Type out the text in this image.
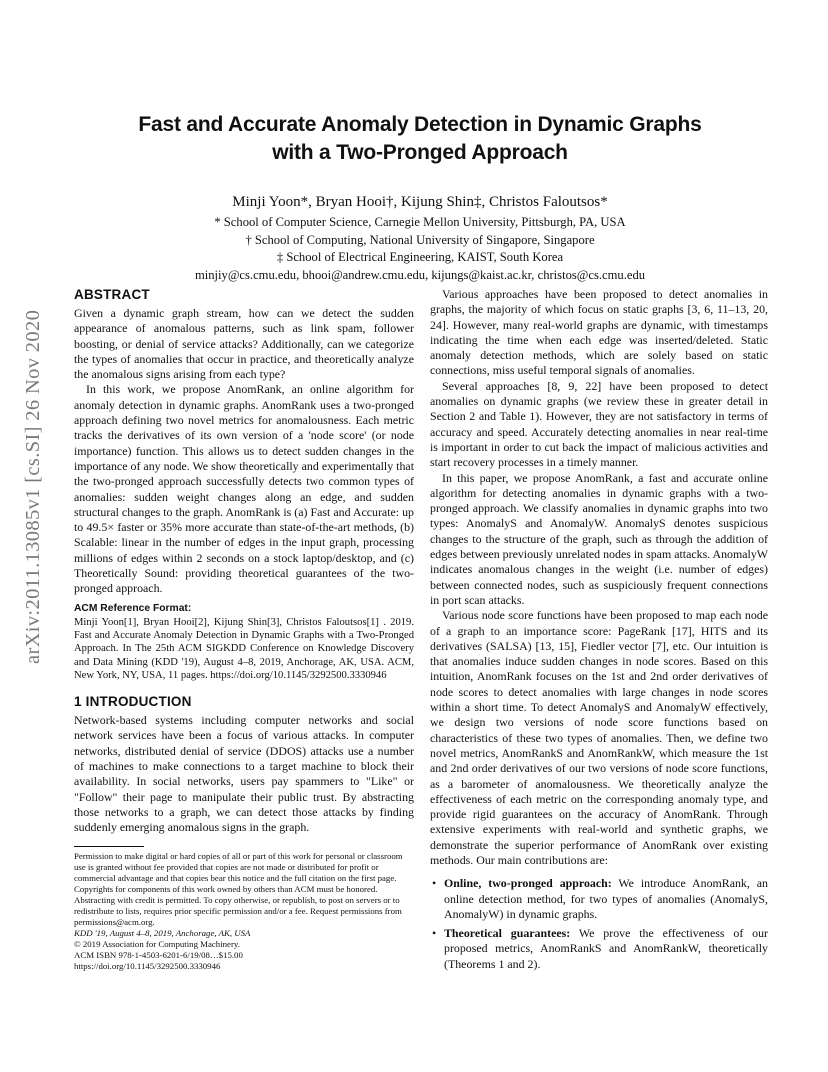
arXiv:2011.13085v1 [cs.SI] 26 Nov 2020
Fast and Accurate Anomaly Detection in Dynamic Graphs
with a Two-Pronged Approach
Minji Yoon*, Bryan Hooi†, Kijung Shin‡, Christos Faloutsos*
* School of Computer Science, Carnegie Mellon University, Pittsburgh, PA, USA
† School of Computing, National University of Singapore, Singapore
‡ School of Electrical Engineering, KAIST, South Korea
minjiy@cs.cmu.edu, bhooi@andrew.cmu.edu, kijungs@kaist.ac.kr, christos@cs.cmu.edu
ABSTRACT

Given a dynamic graph stream, how can we detect the sudden appearance of anomalous patterns, such as link spam, follower boosting, or denial of service attacks? Additionally, can we categorize the types of anomalies that occur in practice, and theoretically analyze the anomalous signs arising from each type?

In this work, we propose AnomRank, an online algorithm for anomaly detection in dynamic graphs. AnomRank uses a two-pronged approach defining two novel metrics for anomalousness. Each metric tracks the derivatives of its own version of a 'node score' (or node importance) function. This allows us to detect sudden changes in the importance of any node. We show theoretically and experimentally that the two-pronged approach successfully detects two common types of anomalies: sudden weight changes along an edge, and sudden structural changes to the graph. AnomRank is (a) Fast and Accurate: up to 49.5× faster or 35% more accurate than state-of-the-art methods, (b) Scalable: linear in the number of edges in the input graph, processing millions of edges within 2 seconds on a stock laptop/desktop, and (c) Theoretically Sound: providing theoretical guarantees of the two-pronged approach.

ACM Reference Format:

Minji Yoon[1], Bryan Hooi[2], Kijung Shin[3], Christos Faloutsos[1] . 2019. Fast and Accurate Anomaly Detection in Dynamic Graphs with a Two-Pronged Approach. In The 25th ACM SIGKDD Conference on Knowledge Discovery and Data Mining (KDD '19), August 4–8, 2019, Anchorage, AK, USA. ACM, New York, NY, USA, 11 pages. https://doi.org/10.1145/3292500.3330946

1 INTRODUCTION

Network-based systems including computer networks and social network services have been a focus of various attacks. In computer networks, distributed denial of service (DDOS) attacks use a number of machines to make connections to a target machine to block their availability. In social networks, users pay spammers to "Like" or "Follow" their page to manipulate their public trust. By abstracting those networks to a graph, we can detect those attacks by finding suddenly emerging anomalous signs in the graph.

Permission to make digital or hard copies of all or part of this work for personal or classroom use is granted without fee provided that copies are not made or distributed for profit or commercial advantage and that copies bear this notice and the full citation on the first page. Copyrights for components of this work owned by others than ACM must be honored. Abstracting with credit is permitted. To copy otherwise, or republish, to post on servers or to redistribute to lists, requires prior specific permission and/or a fee. Request permissions from permissions@acm.org.

KDD '19, August 4–8, 2019, Anchorage, AK, USA

© 2019 Association for Computing Machinery.

ACM ISBN 978-1-4503-6201-6/19/08…$15.00

https://doi.org/10.1145/3292500.3330946

Various approaches have been proposed to detect anomalies in graphs, the majority of which focus on static graphs [3, 6, 11–13, 20, 24]. However, many real-world graphs are dynamic, with timestamps indicating the time when each edge was inserted/deleted. Static anomaly detection methods, which are solely based on static connections, miss useful temporal signals of anomalies.

Several approaches [8, 9, 22] have been proposed to detect anomalies on dynamic graphs (we review these in greater detail in Section 2 and Table 1). However, they are not satisfactory in terms of accuracy and speed. Accurately detecting anomalies in near real-time is important in order to cut back the impact of malicious activities and start recovery processes in a timely manner.

In this paper, we propose AnomRank, a fast and accurate online algorithm for detecting anomalies in dynamic graphs with a two-pronged approach. We classify anomalies in dynamic graphs into two types: AnomalyS and AnomalyW. AnomalyS denotes suspicious changes to the structure of the graph, such as through the addition of edges between previously unrelated nodes in spam attacks. AnomalyW indicates anomalous changes in the weight (i.e. number of edges) between connected nodes, such as suspiciously frequent connections in port scan attacks.

Various node score functions have been proposed to map each node of a graph to an importance score: PageRank [17], HITS and its derivatives (SALSA) [13, 15], Fiedler vector [7], etc. Our intuition is that anomalies induce sudden changes in node scores. Based on this intuition, AnomRank focuses on the 1st and 2nd order derivatives of node scores to detect anomalies with large changes in node scores within a short time. To detect AnomalyS and AnomalyW effectively, we design two versions of node score functions based on characteristics of these two types of anomalies. Then, we define two novel metrics, AnomRankS and AnomRankW, which measure the 1st and 2nd order derivatives of our two versions of node score functions, as a barometer of anomalousness. We theoretically analyze the effectiveness of each metric on the corresponding anomaly type, and provide rigid guarantees on the accuracy of AnomRank. Through extensive experiments with real-world and synthetic graphs, we demonstrate the superior performance of AnomRank over existing methods. Our main contributions are:

• Online, two-pronged approach: We introduce AnomRank, an online detection method, for two types of anomalies (AnomalyS, AnomalyW) in dynamic graphs.
• Theoretical guarantees: We prove the effectiveness of our proposed metrics, AnomRankS and AnomRankW, theoretically (Theorems 1 and 2).
